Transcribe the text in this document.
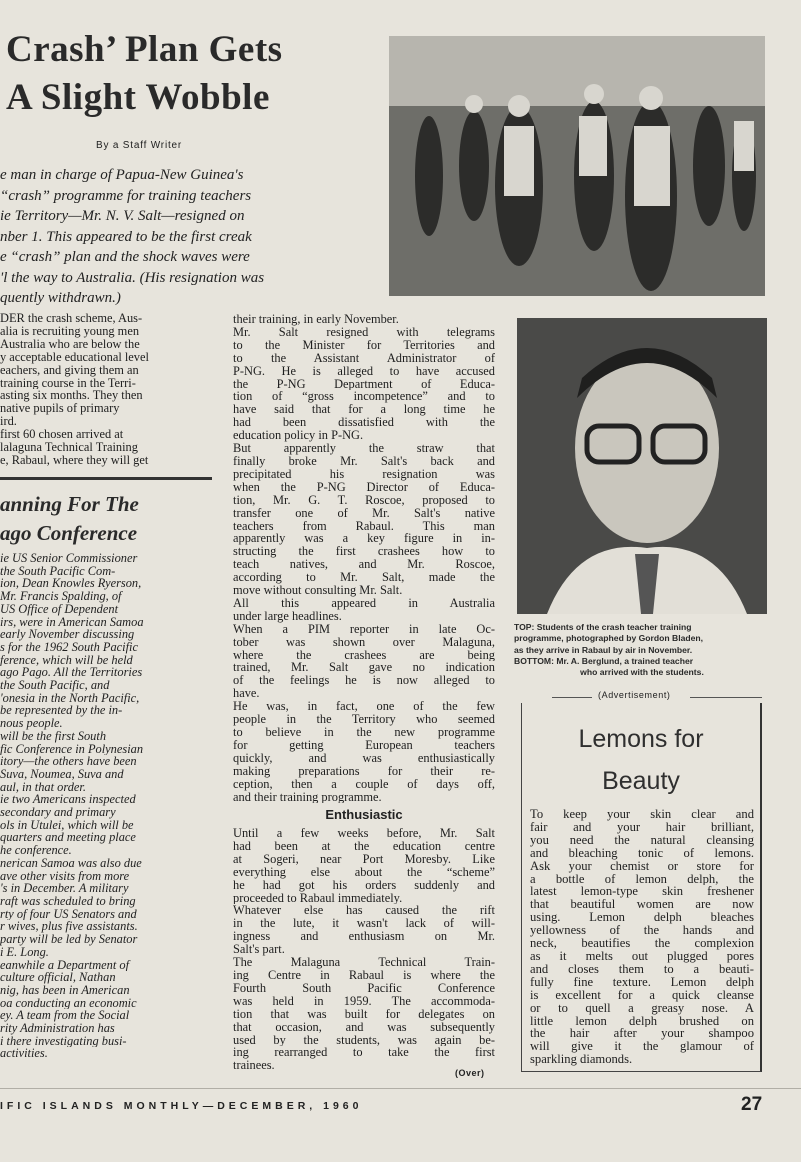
Crash’ Plan Gets
A Slight Wobble
By a Staff Writer
e man in charge of Papua-New Guinea's
“crash” programme for training teachers
ie Territory—Mr. N. V. Salt—resigned on
nber 1. This appeared to be the first creak
e “crash” plan and the shock waves were
'l the way to Australia. (His resignation was
quently withdrawn.)
DER the crash scheme, Aus-
alia is recruiting young men
Australia who are below the
y acceptable educational level
eachers, and giving them an
training course in the Terri-
asting six months. They then
native pupils of primary
ird.
first 60 chosen arrived at
lalaguna Technical Training
e, Rabaul, where they will get
anning For The
ago Conference
ie US Senior Commissioner
the South Pacific Com-
ion, Dean Knowles Ryerson,
Mr. Francis Spalding, of
US Office of Dependent
irs, were in American Samoa
early November discussing
s for the 1962 South Pacific
ference, which will be held
ago Pago. All the Territories
the South Pacific, and
'onesia in the North Pacific,
be represented by the in-
nous people.
will be the first South
fic Conference in Polynesian
itory—the others have been
Suva, Noumea, Suva and
aul, in that order.
ie two Americans inspected
secondary and primary
ols in Utulei, which will be
quarters and meeting place
he conference.
nerican Samoa was also due
ave other visits from more
's in December. A military
raft was scheduled to bring
rty of four US Senators and
r wives, plus five assistants.
party will be led by Senator
i E. Long.
eanwhile a Department of
culture official, Nathan
nig, has been in American
oa conducting an economic
ey. A team from the Social
rity Administration has
i there investigating busi-
activities.
their training, in early November.
Mr. Salt resigned with telegrams
to the Minister for Territories and
to the Assistant Administrator of
P-NG. He is alleged to have accused
the P-NG Department of Educa-
tion of “gross incompetence” and to
have said that for a long time he
had been dissatisfied with the
education policy in P-NG.
But apparently the straw that
finally broke Mr. Salt's back and
precipitated his resignation was
when the P-NG Director of Educa-
tion, Mr. G. T. Roscoe, proposed to
transfer one of Mr. Salt's native
teachers from Rabaul. This man
apparently was a key figure in in-
structing the first crashees how to
teach natives, and Mr. Roscoe,
according to Mr. Salt, made the
move without consulting Mr. Salt.
All this appeared in Australia
under large headlines.
When a PIM reporter in late Oc-
tober was shown over Malaguna,
where the crashees are being
trained, Mr. Salt gave no indication
of the feelings he is now alleged to
have.
He was, in fact, one of the few
people in the Territory who seemed
to believe in the new programme
for getting European teachers
quickly, and was enthusiastically
making preparations for their re-
ception, then a couple of days off,
and their training programme.
Enthusiastic
Until a few weeks before, Mr. Salt
had been at the education centre
at Sogeri, near Port Moresby. Like
everything else about the “scheme”
he had got his orders suddenly and
proceeded to Rabaul immediately.
Whatever else has caused the rift
in the lute, it wasn't lack of will-
ingness and enthusiasm on Mr.
Salt's part.
The Malaguna Technical Train-
ing Centre in Rabaul is where the
Fourth South Pacific Conference
was held in 1959. The accommoda-
tion that was built for delegates on
that occasion, and was subsequently
used by the students, was again be-
ing rearranged to take the first
trainees.
(Over)
TOP: Students of the crash teacher training
programme, photographed by Gordon Bladen,
as they arrive in Rabaul by air in November.
BOTTOM: Mr. A. Berglund, a trained teacher
who arrived with the students.
(Advertisement)
Lemons for
Beauty
To keep your skin clear and
fair and your hair brilliant,
you need the natural cleansing
and bleaching tonic of lemons.
Ask your chemist or store for
a bottle of lemon delph, the
latest lemon-type skin freshener
that beautiful women are now
using. Lemon delph bleaches
yellowness of the hands and
neck, beautifies the complexion
as it melts out plugged pores
and closes them to a beauti-
fully fine texture. Lemon delph
is excellent for a quick cleanse
or to quell a greasy nose. A
little lemon delph brushed on
the hair after your shampoo
will give it the glamour of
sparkling diamonds.
IFIC ISLANDS MONTHLY—DECEMBER, 1960	27
